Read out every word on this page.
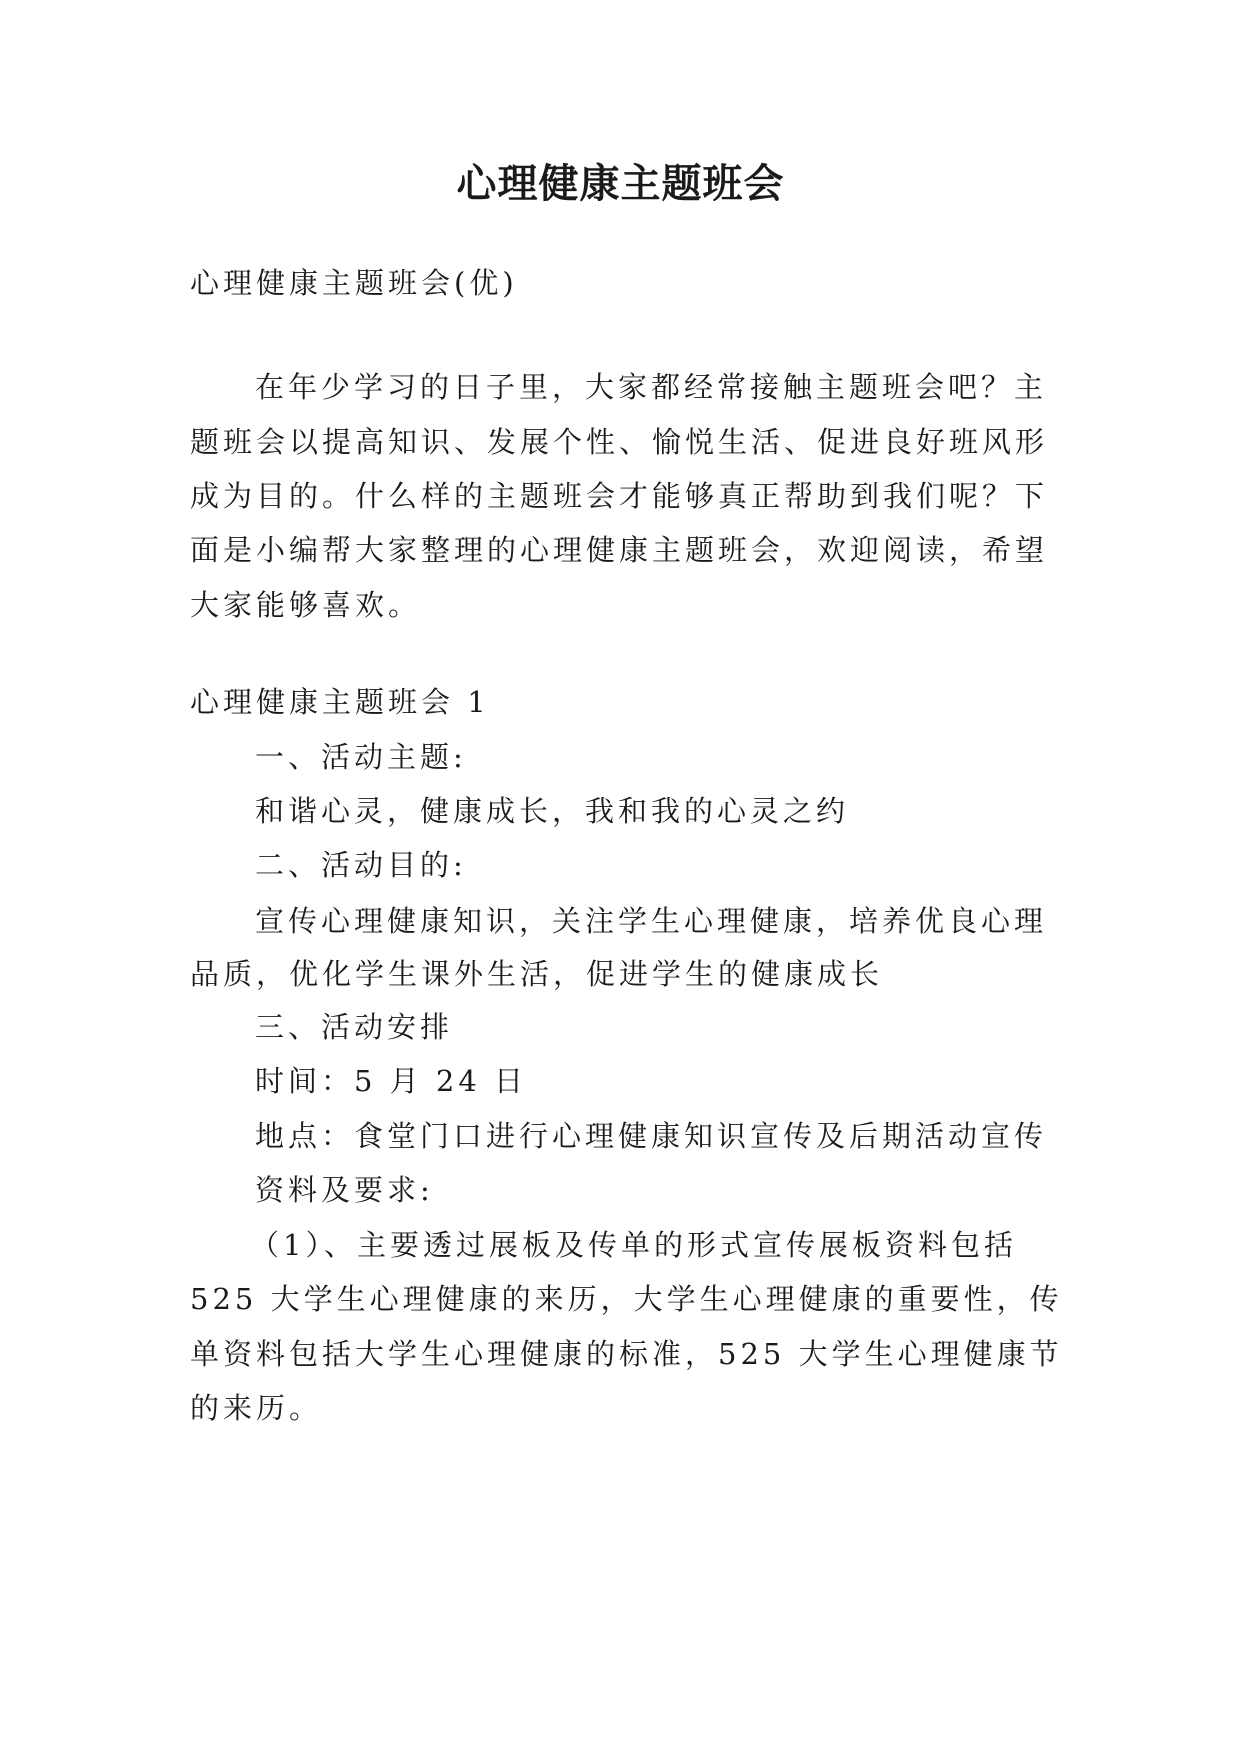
心理健康主题班会
心理健康主题班会(优)
在年少学习的日子里，大家都经常接触主题班会吧？主
题班会以提高知识、发展个性、愉悦生活、促进良好班风形
成为目的。什么样的主题班会才能够真正帮助到我们呢？下
面是小编帮大家整理的心理健康主题班会，欢迎阅读，希望
大家能够喜欢。
心理健康主题班会 1
一、活动主题:
和谐心灵，健康成长，我和我的心灵之约
二、活动目的:
宣传心理健康知识，关注学生心理健康，培养优良心理
品质，优化学生课外生活，促进学生的健康成长
三、活动安排
时间：5 月 24 日
地点：食堂门口进行心理健康知识宣传及后期活动宣传
资料及要求:
（1）、主要透过展板及传单的形式宣传展板资料包括
525 大学生心理健康的来历，大学生心理健康的重要性，传
单资料包括大学生心理健康的标准，525 大学生心理健康节
的来历。
